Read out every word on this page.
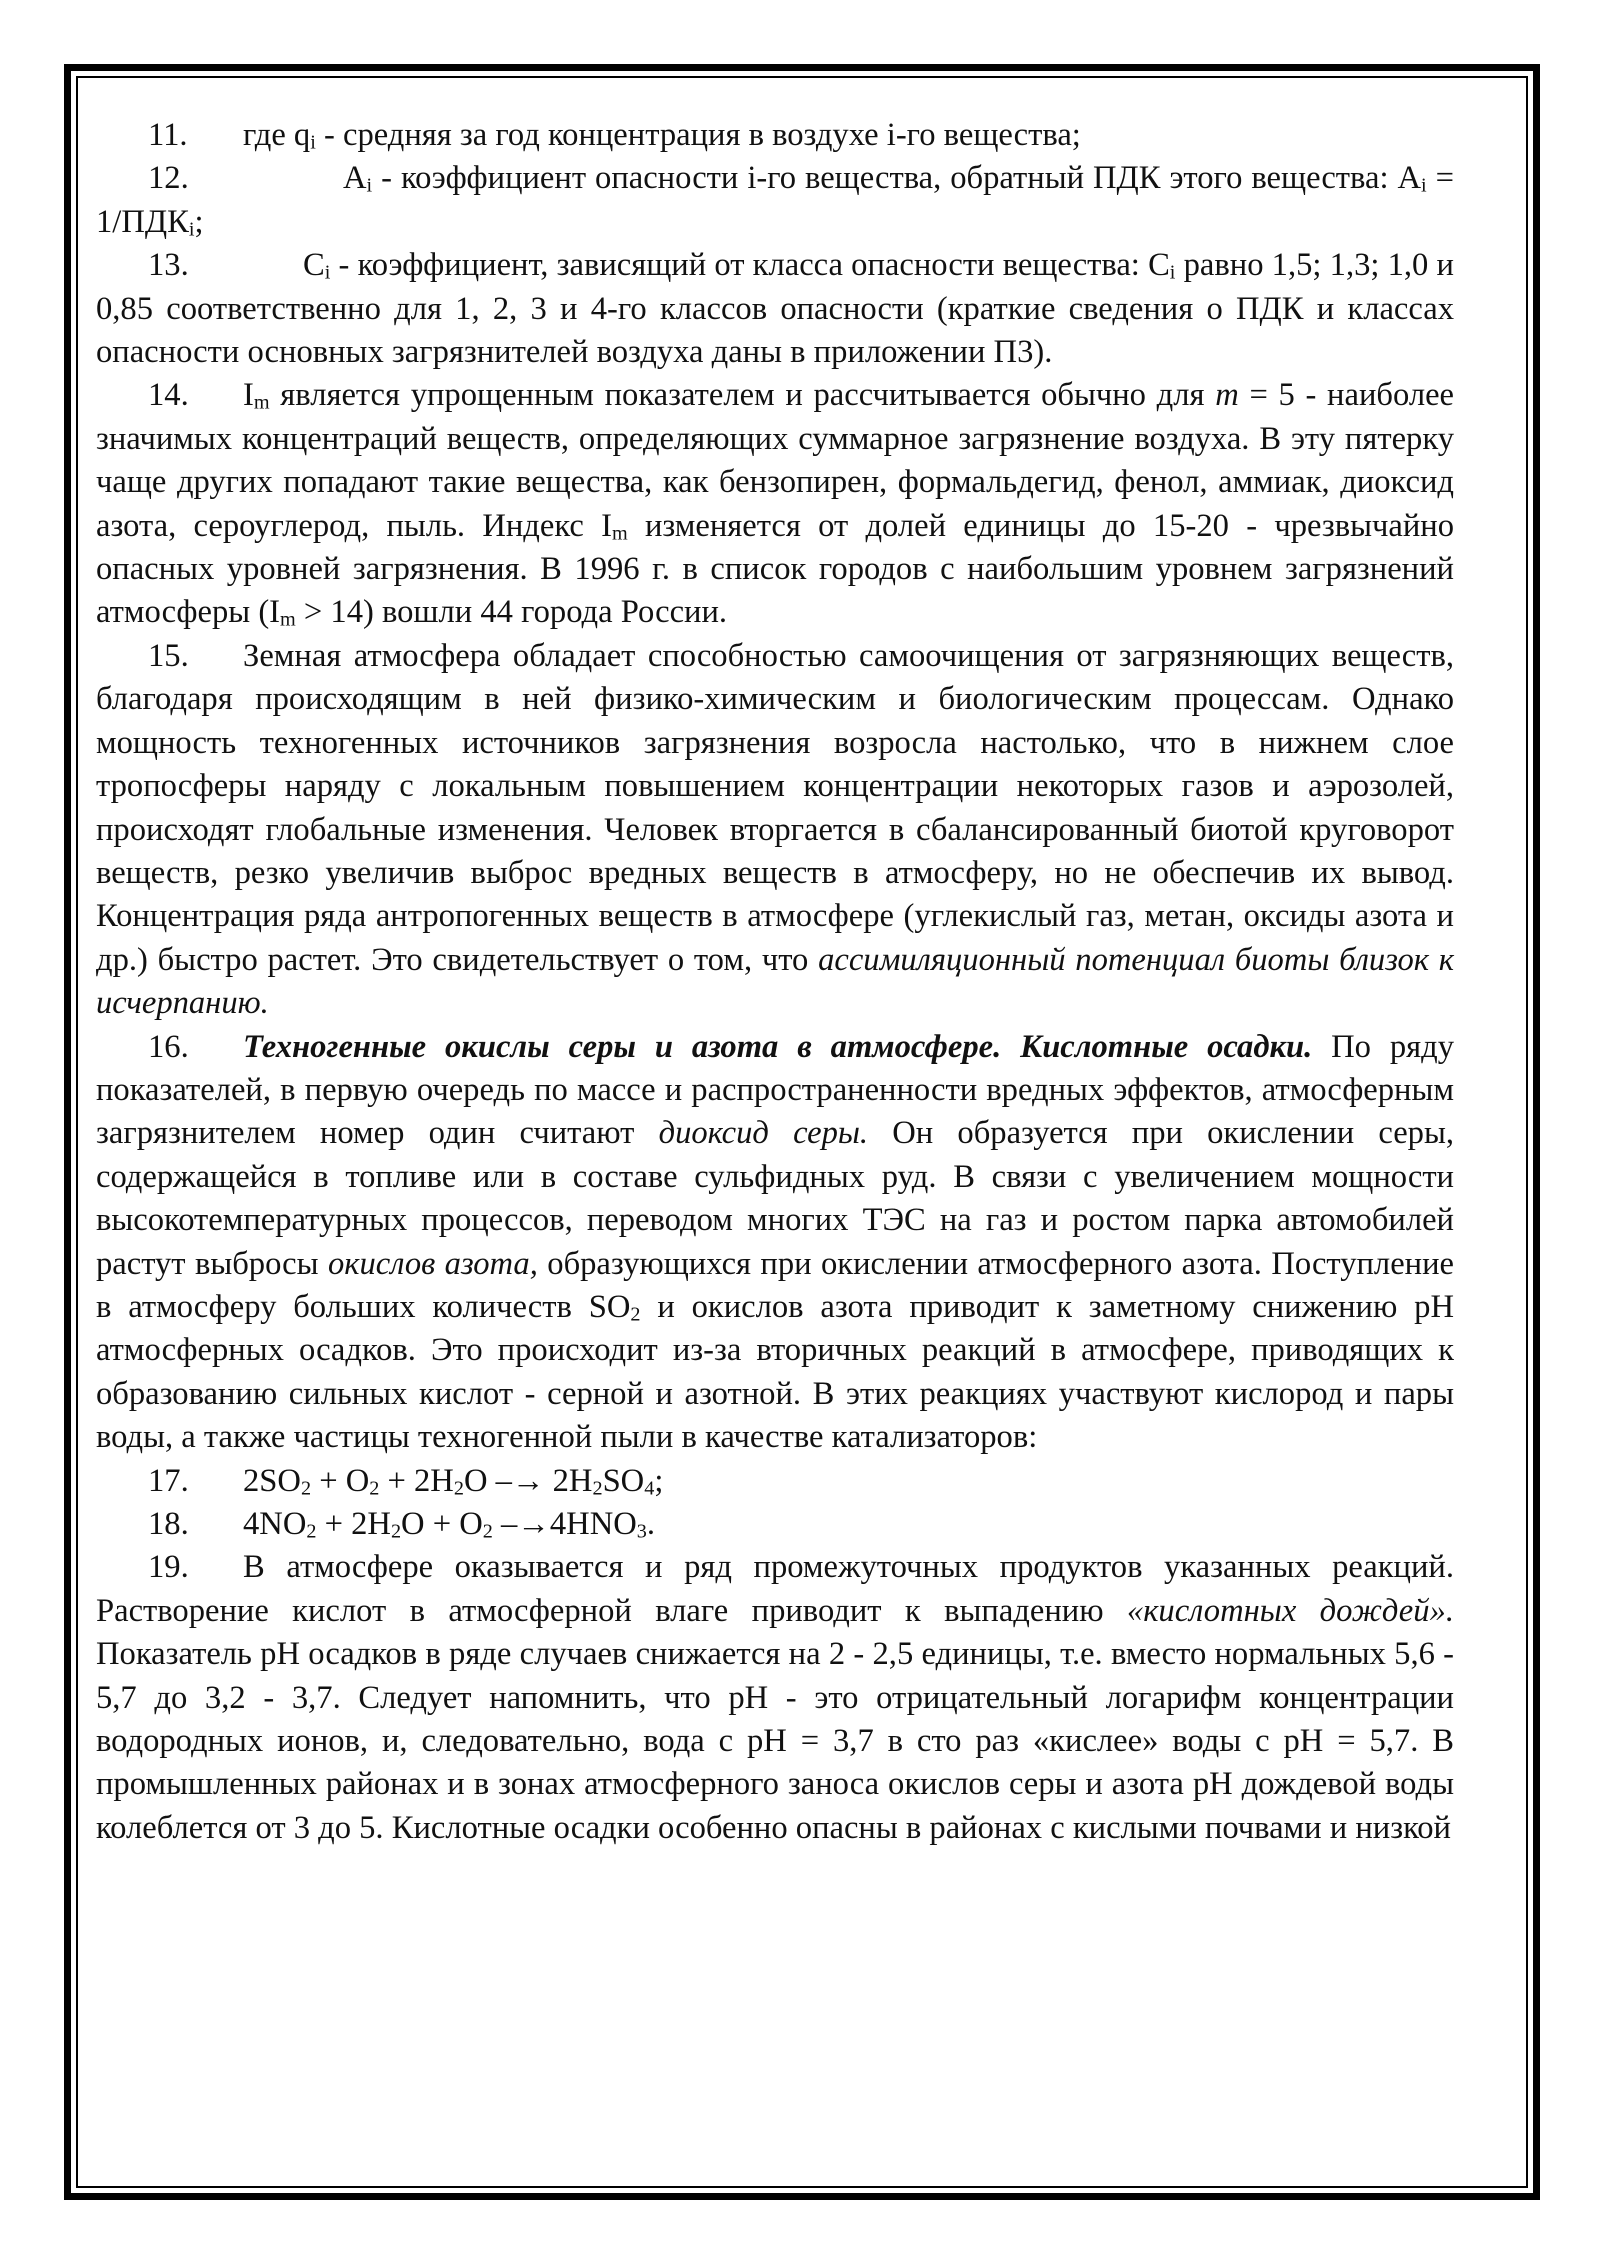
11. где $q_i$ - средняя за год концентрация в воздухе i-го вещества;

12.	$A_i$ - коэффициент опасности i-го вещества, обратный ПДК этого вещества: $A_i = 1/ПДК_i$;

13.	$C_i$ - коэффициент, зависящий от класса опасности вещества: $C_i$ равно 1,5; 1,3; 1,0 и 0,85 соответственно для 1, 2, 3 и 4-го классов опасности (краткие сведения о ПДК и классах опасности основных загрязнителей воздуха даны в приложении П3).

14. $I_m$ является упрощенным показателем и рассчитывается обычно для m = 5 - наиболее значимых концентраций веществ, определяющих суммарное загрязнение воздуха. В эту пятерку чаще других попадают такие вещества, как бензопирен, формальдегид, фенол, аммиак, диоксид азота, сероуглерод, пыль. Индекс $I_m$ изменяется от долей единицы до 15-20 - чрезвычайно опасных уровней загрязнения. В 1996 г. в список городов с наибольшим уровнем загрязнений атмосферы $(I_m > 14)$ вошли 44 города России.

15. Земная атмосфера обладает способностью самоочищения от загрязняющих веществ, благодаря происходящим в ней физико-химическим и биологическим процессам. Однако мощность техногенных источников загрязнения возросла настолько, что в нижнем слое тропосферы наряду с локальным повышением концентрации некоторых газов и аэрозолей, происходят глобальные изменения. Человек вторгается в сбалансированный биотой круговорот веществ, резко увеличив выброс вредных веществ в атмосферу, но не обеспечив их вывод. Концентрация ряда антропогенных веществ в атмосфере (углекислый газ, метан, оксиды азота и др.) быстро растет. Это свидетельствует о том, что ассимиляционный потенциал биоты близок к исчерпанию.

16. Техногенные окислы серы и азота в атмосфере. Кислотные осадки. По ряду показателей, в первую очередь по массе и распространенности вредных эффектов, атмосферным загрязнителем номер один считают диоксид серы. Он образуется при окислении серы, содержащейся в топливе или в составе сульфидных руд. В связи с увеличением мощности высокотемпературных процессов, переводом многих ТЭС на газ и ростом парка автомобилей растут выбросы окислов азота, образующихся при окислении атмосферного азота. Поступление в атмосферу больших количеств $SO_2$ и окислов азота приводит к заметному снижению pH атмосферных осадков. Это происходит из-за вторичных реакций в атмосфере, приводящих к образованию сильных кислот - серной и азотной. В этих реакциях участвуют кислород и пары воды, а также частицы техногенной пыли в качестве катализаторов:

17. $2SO_2 + O_2 + 2H_2O -\to 2H_2SO_4$;

18. $4NO_2 + 2H_2O + O_2$ $-\to 4HNO_3$.

19. В атмосфере оказывается и ряд промежуточных продуктов указанных реакций. Растворение кислот в атмосферной влаге приводит к выпадению «кислотных дождей». Показатель pH осадков в ряде случаев снижается на 2 - 2,5 единицы, т.е. вместо нормальных 5,6 - 5,7 до 3,2 - 3,7. Следует напомнить, что pH - это отрицательный логарифм концентрации водородных ионов, и, следовательно, вода с pH = 3,7 в сто раз «кислее» воды с pH = 5,7. В промышленных районах и в зонах атмосферного заноса окислов серы и азота pH дождевой воды колеблется от 3 до 5. Кислотные осадки особенно опасны в районах с кислыми почвами и низкой
